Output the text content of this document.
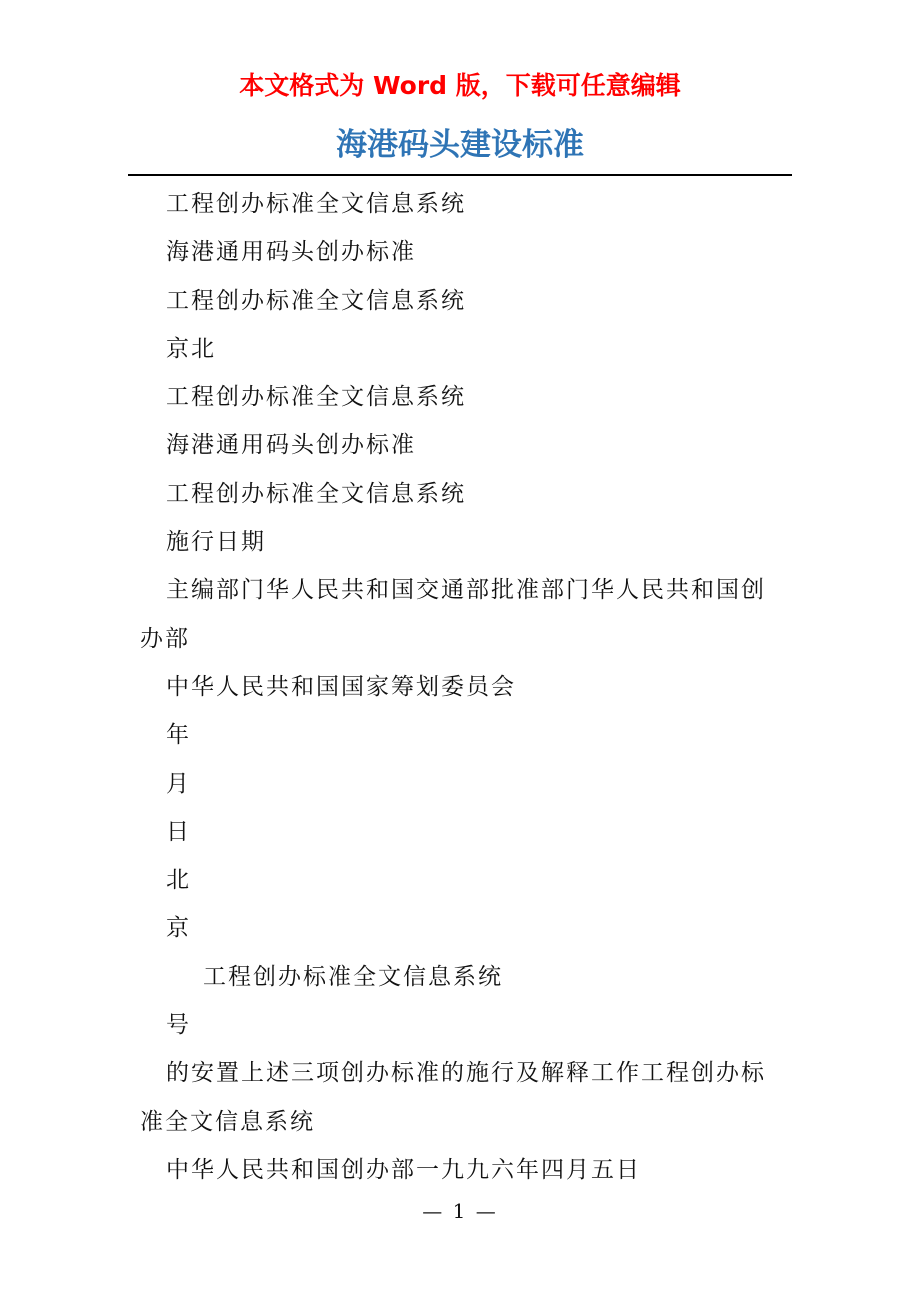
本文格式为 Word 版，下载可任意编辑
海港码头建设标准

工程创办标准全文信息系统

海港通用码头创办标准

工程创办标准全文信息系统

京北

工程创办标准全文信息系统

海港通用码头创办标准

工程创办标准全文信息系统

施行日期

主编部门华人民共和国交通部批准部门华人民共和国创办部

中华人民共和国国家筹划委员会

年

月

日

北

京

工程创办标准全文信息系统

号

的安置上述三项创办标准的施行及解释工作工程创办标准全文信息系统

中华人民共和国创办部一九九六年四月五日

— 1 —
